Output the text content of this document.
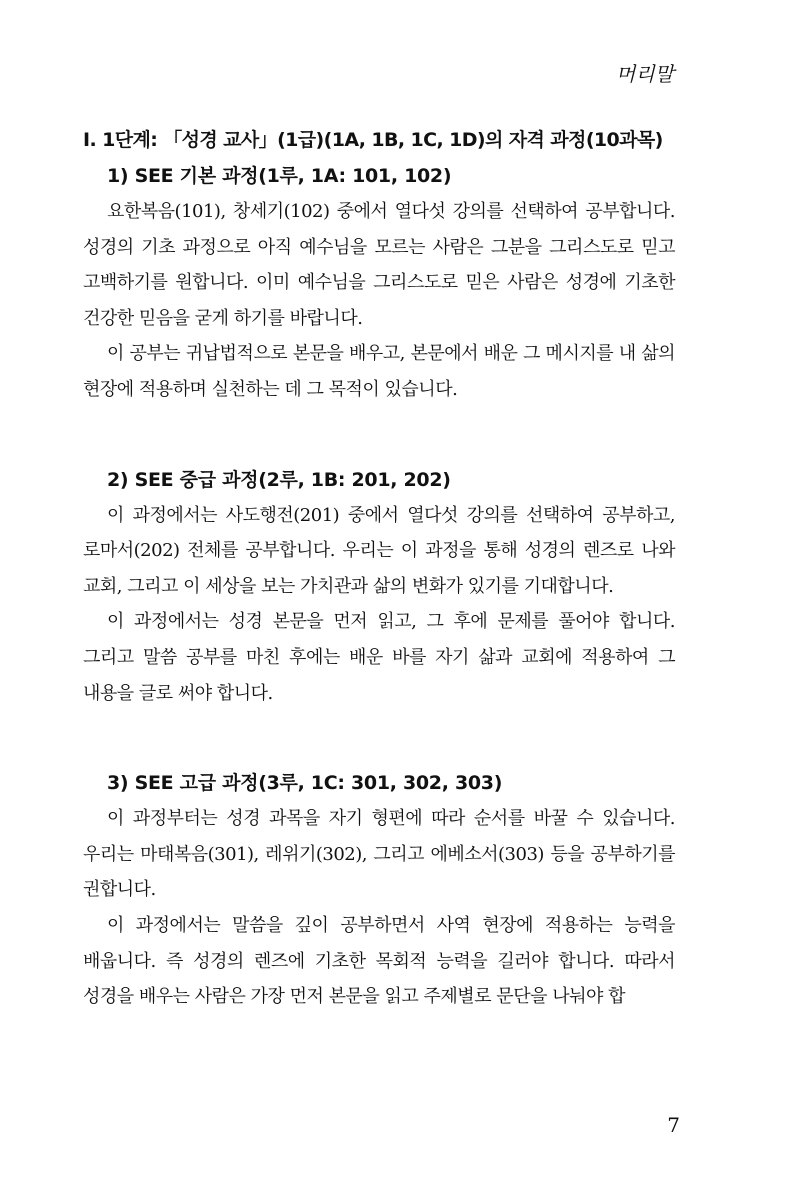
머리말
I. 1단계: 「성경 교사」(1급)(1A, 1B, 1C, 1D)의 자격 과정(10과목)
1) SEE 기본 과정(1루, 1A: 101, 102)

요한복음(101), 창세기(102) 중에서 열다섯 강의를 선택하여 공부합니다. 성경의 기초 과정으로 아직 예수님을 모르는 사람은 그분을 그리스도로 믿고 고백하기를 원합니다. 이미 예수님을 그리스도로 믿은 사람은 성경에 기초한 건강한 믿음을 굳게 하기를 바랍니다.

이 공부는 귀납법적으로 본문을 배우고, 본문에서 배운 그 메시지를 내 삶의 현장에 적용하며 실천하는 데 그 목적이 있습니다.

2) SEE 중급 과정(2루, 1B: 201, 202)

이 과정에서는 사도행전(201) 중에서 열다섯 강의를 선택하여 공부하고, 로마서(202) 전체를 공부합니다. 우리는 이 과정을 통해 성경의 렌즈로 나와 교회, 그리고 이 세상을 보는 가치관과 삶의 변화가 있기를 기대합니다.

이 과정에서는 성경 본문을 먼저 읽고, 그 후에 문제를 풀어야 합니다. 그리고 말씀 공부를 마친 후에는 배운 바를 자기 삶과 교회에 적용하여 그 내용을 글로 써야 합니다.

3) SEE 고급 과정(3루, 1C: 301, 302, 303)

이 과정부터는 성경 과목을 자기 형편에 따라 순서를 바꿀 수 있습니다. 우리는 마태복음(301), 레위기(302), 그리고 에베소서(303) 등을 공부하기를 권합니다.

이 과정에서는 말씀을 깊이 공부하면서 사역 현장에 적용하는 능력을 배웁니다. 즉 성경의 렌즈에 기초한 목회적 능력을 길러야 합니다. 따라서 성경을 배우는 사람은 가장 먼저 본문을 읽고 주제별로 문단을 나눠야 합

7
